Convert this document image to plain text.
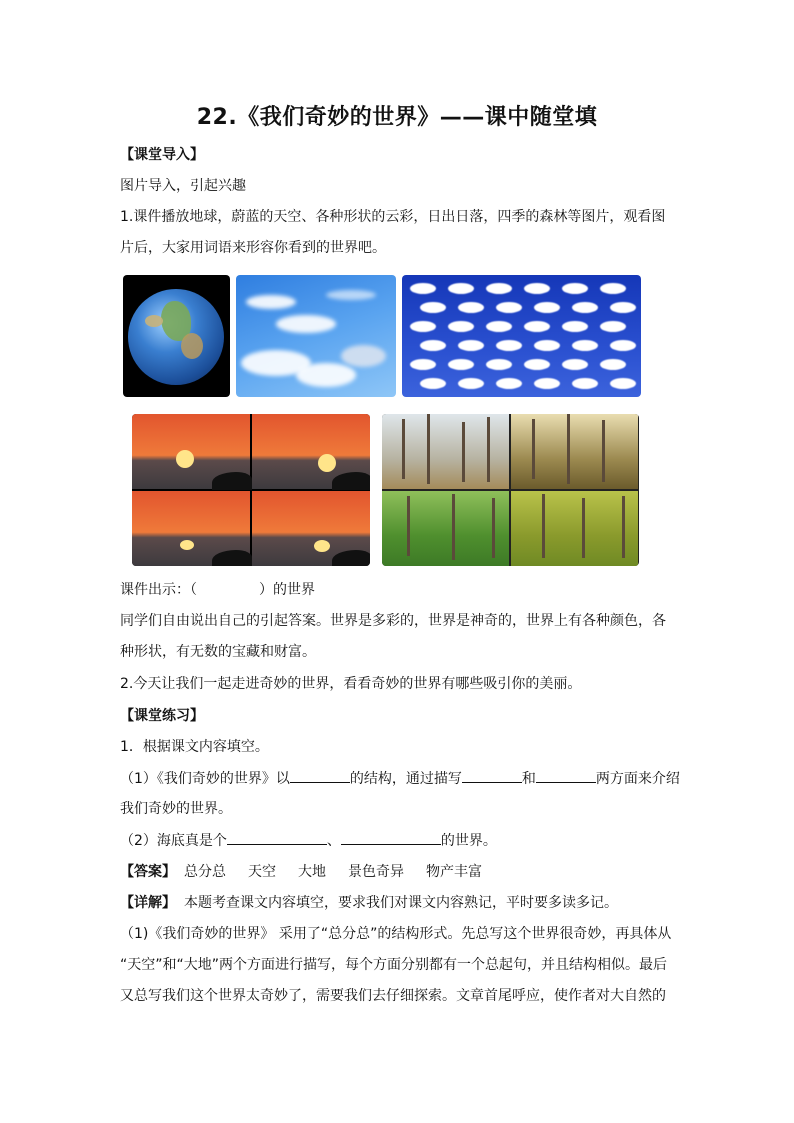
22.《我们奇妙的世界》——课中随堂填
【课堂导入】
图片导入，引起兴趣
1.课件播放地球，蔚蓝的天空、各种形状的云彩，日出日落，四季的森林等图片，观看图
片后，大家用词语来形容你看到的世界吧。
课件出示：（	）的世界
同学们自由说出自己的引起答案。世界是多彩的，世界是神奇的，世界上有各种颜色，各
种形状，有无数的宝藏和财富。
2.今天让我们一起走进奇妙的世界，看看奇妙的世界有哪些吸引你的美丽。
【课堂练习】
1．根据课文内容填空。
（1）《我们奇妙的世界》以	的结构，通过描写	和	两方面来介绍
我们奇妙的世界。
（2）海底真是个	、	的世界。
【答案】 总分总 天空 大地 景色奇异 物产丰富
【详解】 本题考查课文内容填空，要求我们对课文内容熟记，平时要多读多记。
（1)《我们奇妙的世界》 采用了“总分总”的结构形式。先总写这个世界很奇妙，再具体从
“天空”和“大地”两个方面进行描写，每个方面分别都有一个总起句，并且结构相似。最后
又总写我们这个世界太奇妙了，需要我们去仔细探索。文章首尾呼应，使作者对大自然的
